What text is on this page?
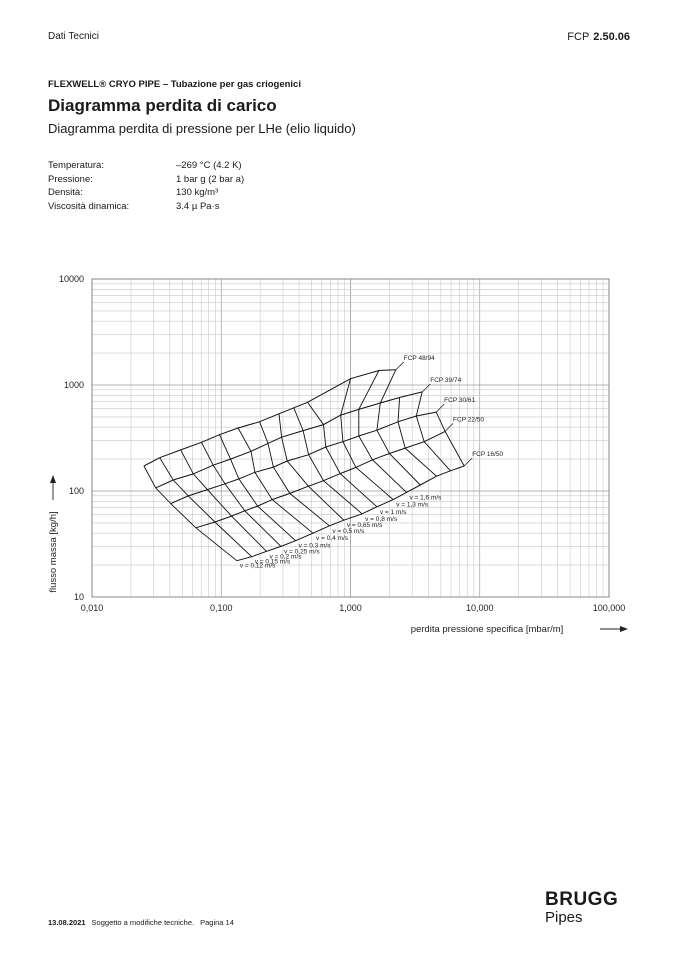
Dati Tecnici	FCP 2.50.06
FLEXWELL® CRYO PIPE – Tubazione per gas criogenici
Diagramma perdita di carico
Diagramma perdita di pressione per LHe (elio liquido)
Temperatura:	–269 °C (4.2 K)
Pressione:	1 bar g (2 bar a)
Densità:	130 kg/m³
Viscosità dinamica:	3.4 µ Pa·s
0,010	0,100	1,000	10,000	100,000
10
100
1000
10000
perdita pressione specifica [mbar/m]
flusso massa [kg/h]
FCP 48/94
FCP 39/74
FCP 30/61
FCP 22/50
FCP 16/50
v = 0,12 m/s
v = 0,15 m/s
v = 0,2 m/s
v = 0,25 m/s
v = 0,3 m/s
v = 0,4 m/s
v = 0,5 m/s
v = 0,65 m/s
v = 0,8 m/s
v = 1 m/s
v = 1,3 m/s
v = 1,6 m/s
13.08.2021 Soggetto a modifiche tecniche. Pagina 14
BRUGG
Pipes
